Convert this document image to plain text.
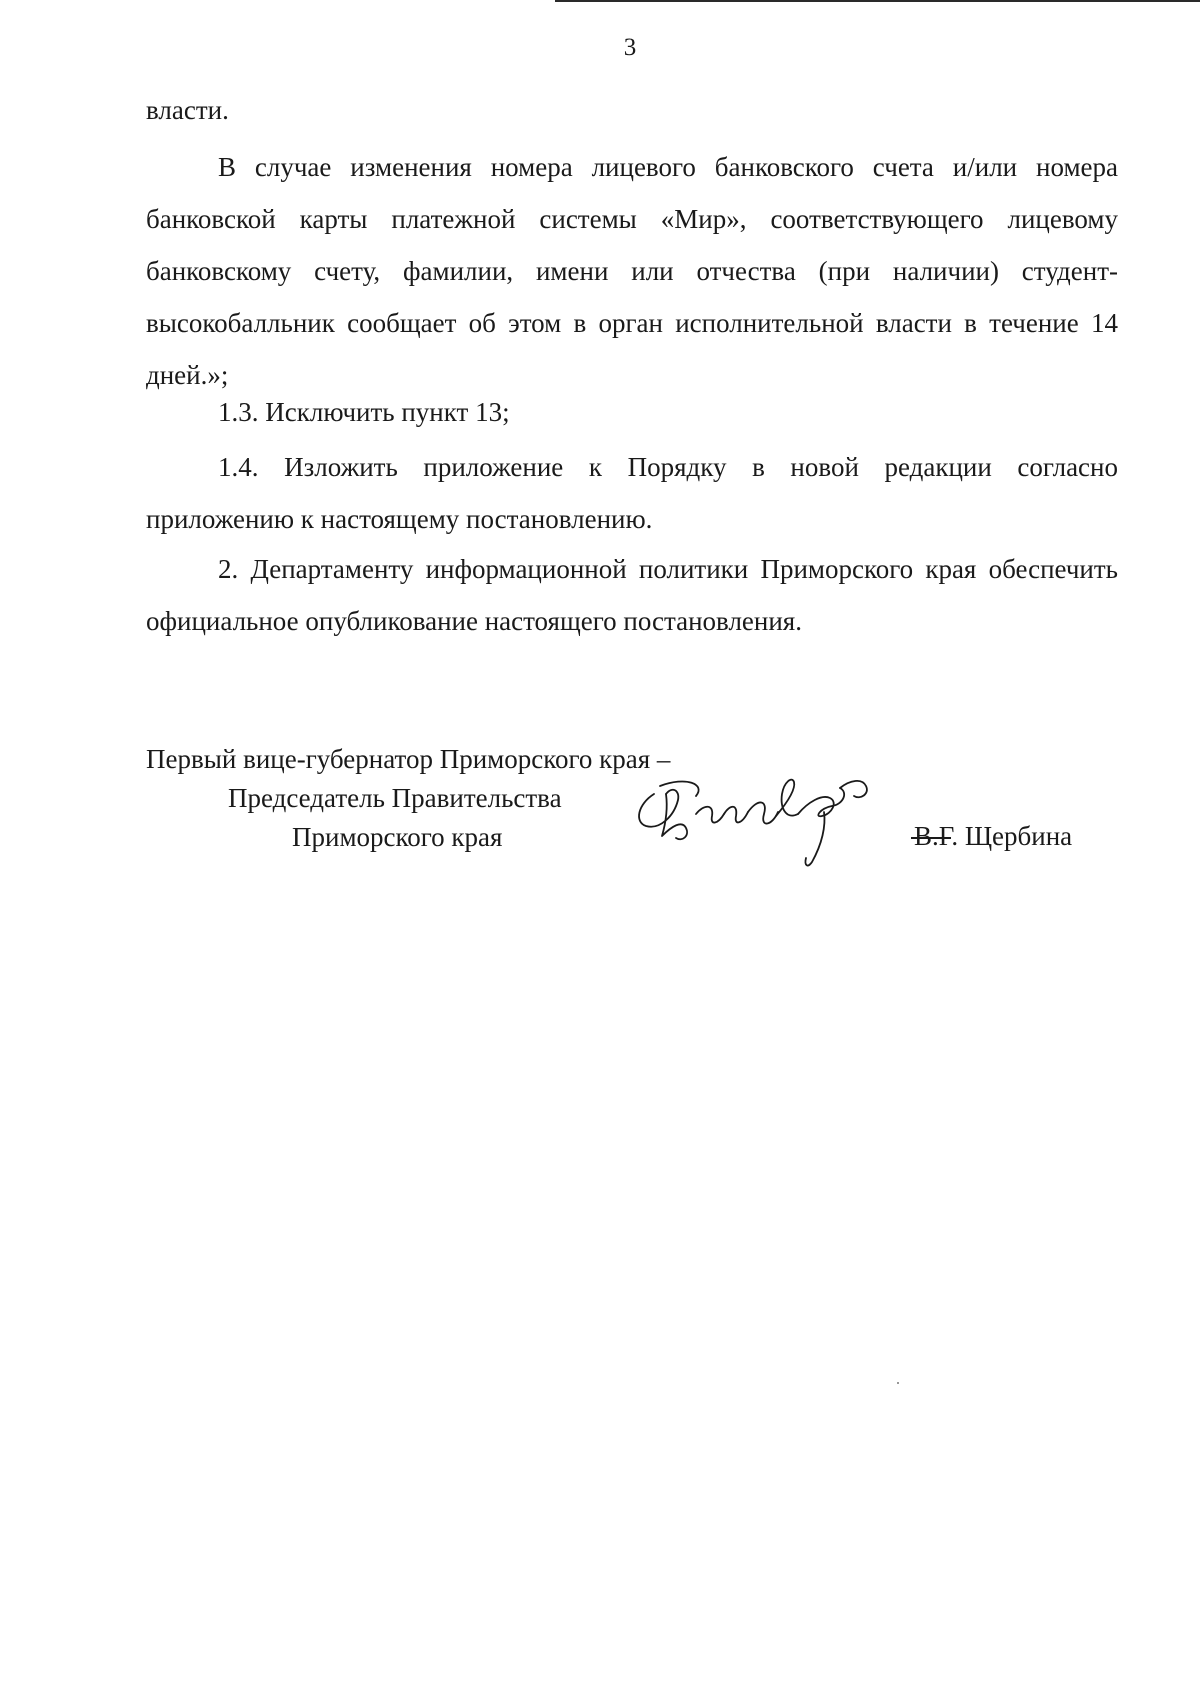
3

власти.

В случае изменения номера лицевого банковского счета и/или номера банковской карты платежной системы «Мир», соответствующего лицевому банковскому счету, фамилии, имени или отчества (при наличии) студент-высокобалльник сообщает об этом в орган исполнительной власти в течение 14 дней.»;

1.3. Исключить пункт 13;

1.4. Изложить приложение к Порядку в новой редакции согласно приложению к настоящему постановлению.

2. Департаменту информационной политики Приморского края обеспечить официальное опубликование настоящего постановления.

Первый вице-губернатор Приморского края –
Председатель Правительства
Приморского края	В.Г. Щербина
